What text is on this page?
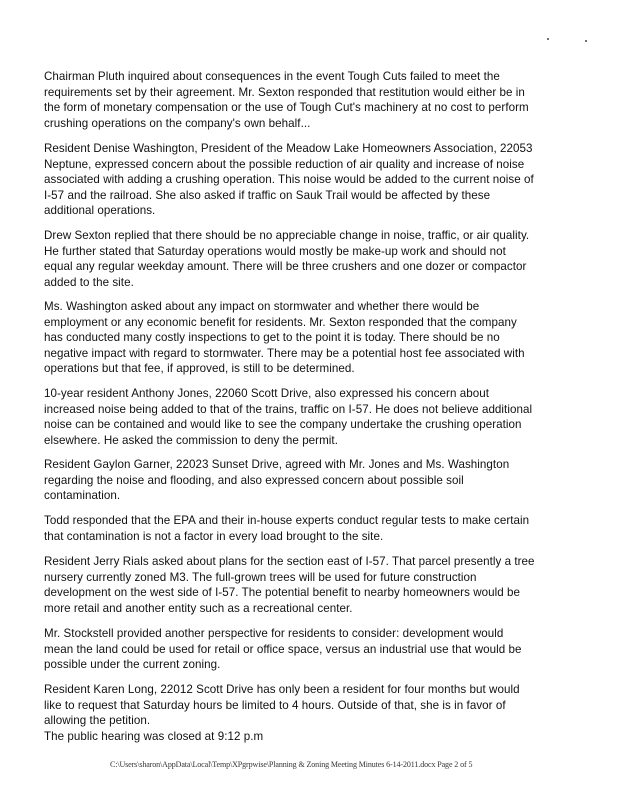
Chairman Pluth inquired about consequences in the event Tough Cuts failed to meet the
requirements set by their agreement. Mr. Sexton responded that restitution would either be in
the form of monetary compensation or the use of Tough Cut's machinery at no cost to perform
crushing operations on the company's own behalf...

Resident Denise Washington, President of the Meadow Lake Homeowners Association, 22053
Neptune, expressed concern about the possible reduction of air quality and increase of noise
associated with adding a crushing operation. This noise would be added to the current noise of
I-57 and the railroad. She also asked if traffic on Sauk Trail would be affected by these
additional operations.

Drew Sexton replied that there should be no appreciable change in noise, traffic, or air quality.
He further stated that Saturday operations would mostly be make-up work and should not
equal any regular weekday amount. There will be three crushers and one dozer or compactor
added to the site.

Ms. Washington asked about any impact on stormwater and whether there would be
employment or any economic benefit for residents. Mr. Sexton responded that the company
has conducted many costly inspections to get to the point it is today. There should be no
negative impact with regard to stormwater. There may be a potential host fee associated with
operations but that fee, if approved, is still to be determined.

10-year resident Anthony Jones, 22060 Scott Drive, also expressed his concern about
increased noise being added to that of the trains, traffic on I-57. He does not believe additional
noise can be contained and would like to see the company undertake the crushing operation
elsewhere. He asked the commission to deny the permit.

Resident Gaylon Garner, 22023 Sunset Drive, agreed with Mr. Jones and Ms. Washington
regarding the noise and flooding, and also expressed concern about possible soil
contamination.

Todd responded that the EPA and their in-house experts conduct regular tests to make certain
that contamination is not a factor in every load brought to the site.

Resident Jerry Rials asked about plans for the section east of I-57. That parcel presently a tree
nursery currently zoned M3. The full-grown trees will be used for future construction
development on the west side of I-57. The potential benefit to nearby homeowners would be
more retail and another entity such as a recreational center.

Mr. Stockstell provided another perspective for residents to consider: development would
mean the land could be used for retail or office space, versus an industrial use that would be
possible under the current zoning.

Resident Karen Long, 22012 Scott Drive has only been a resident for four months but would
like to request that Saturday hours be limited to 4 hours. Outside of that, she is in favor of
allowing the petition.

The public hearing was closed at 9:12 p.m

C:\Users\sharon\AppData\Local\Temp\XPgrpwise\Planning & Zoning Meeting Minutes 6-14-2011.docx Page 2 of 5
